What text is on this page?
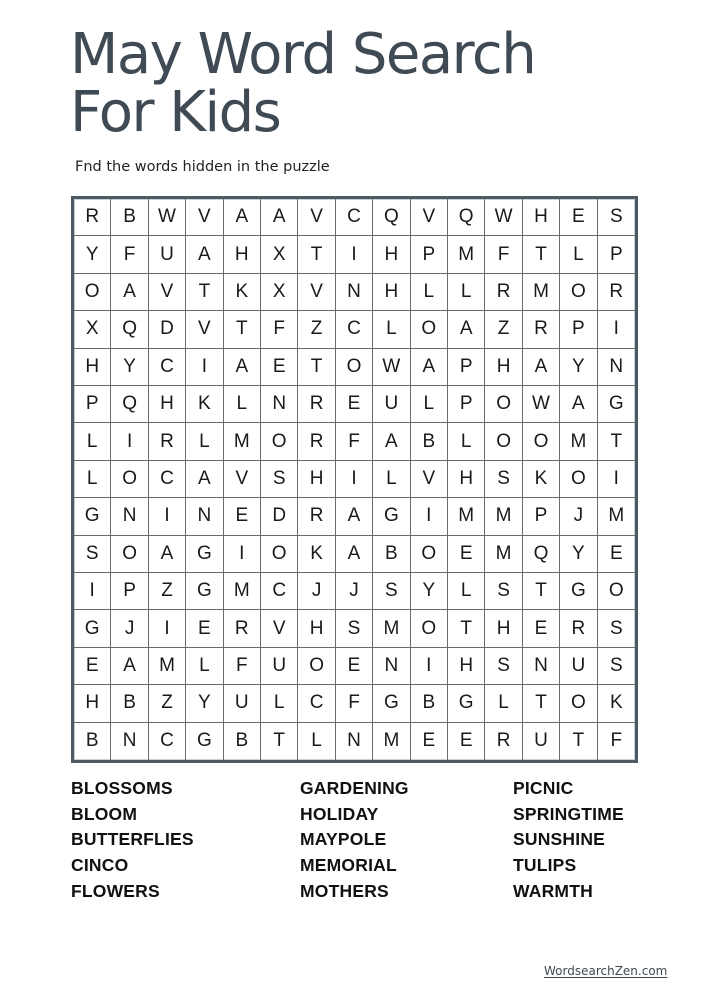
May Word Search
For Kids
Fnd the words hidden in the puzzle
R	B	W	V	A	A	V	C	Q	V	Q	W	H	E	S
Y	F	U	A	H	X	T	I	H	P	M	F	T	L	P
O	A	V	T	K	X	V	N	H	L	L	R	M	O	R
X	Q	D	V	T	F	Z	C	L	O	A	Z	R	P	I
H	Y	C	I	A	E	T	O	W	A	P	H	A	Y	N
P	Q	H	K	L	N	R	E	U	L	P	O	W	A	G
L	I	R	L	M	O	R	F	A	B	L	O	O	M	T
L	O	C	A	V	S	H	I	L	V	H	S	K	O	I
G	N	I	N	E	D	R	A	G	I	M	M	P	J	M
S	O	A	G	I	O	K	A	B	O	E	M	Q	Y	E
I	P	Z	G	M	C	J	J	S	Y	L	S	T	G	O
G	J	I	E	R	V	H	S	M	O	T	H	E	R	S
E	A	M	L	F	U	O	E	N	I	H	S	N	U	S
H	B	Z	Y	U	L	C	F	G	B	G	L	T	O	K
B	N	C	G	B	T	L	N	M	E	E	R	U	T	F
BLOSSOMS
BLOOM
BUTTERFLIES
CINCO
FLOWERS
GARDENING
HOLIDAY
MAYPOLE
MEMORIAL
MOTHERS
PICNIC
SPRINGTIME
SUNSHINE
TULIPS
WARMTH
WordsearchZen.com
